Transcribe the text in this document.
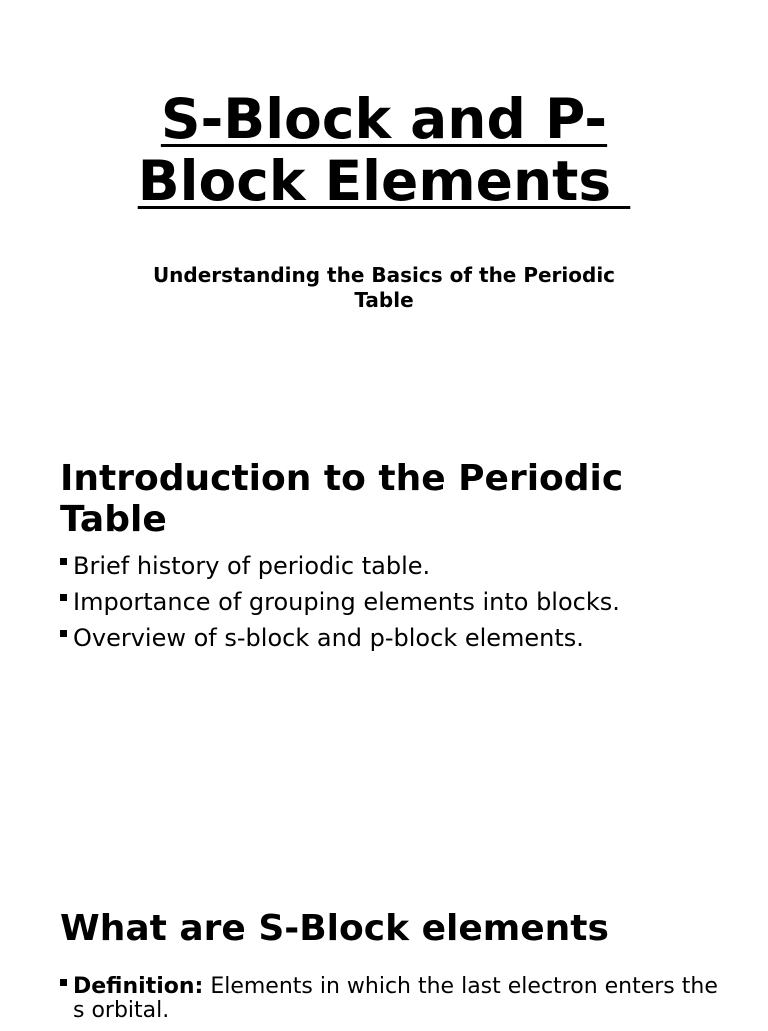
S-Block and P-
Block Elements

Understanding the Basics of the Periodic
Table

Introduction to the Periodic
Table
Brief history of periodic table.
Importance of grouping elements into blocks.
Overview of s-block and p-block elements.
What are S-Block elements
Definition: Elements in which the last electron enters the s orbital.
